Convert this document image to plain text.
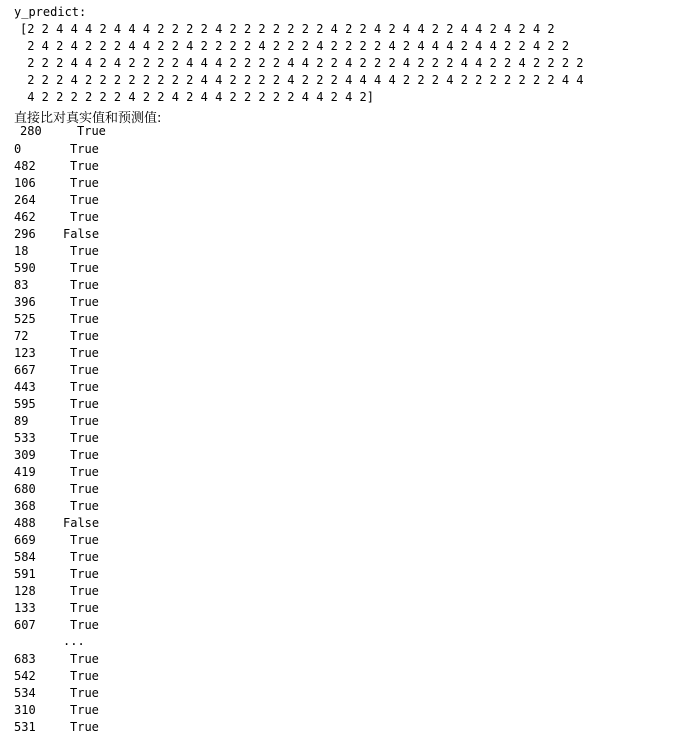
y_predict:
[2 2 4 4 4 2 4 4 4 2 2 2 2 4 2 2 2 2 2 2 2 4 2 2 4 2 4 4 2 2 4 4 2 4 2 4 2
2 4 2 4 2 2 2 4 4 2 2 4 2 2 2 2 4 2 2 2 4 2 2 2 2 4 2 4 4 4 2 4 4 2 2 4 2 2
2 2 2 4 4 2 4 2 2 2 2 4 4 4 2 2 2 2 4 4 2 2 4 2 2 2 4 2 2 2 4 4 2 2 4 2 2 2 2
2 2 2 4 2 2 2 2 2 2 2 2 4 4 2 2 2 2 4 2 2 2 4 4 4 4 2 2 2 4 2 2 2 2 2 2 2 4 4
4 2 2 2 2 2 2 4 2 2 4 2 4 4 2 2 2 2 2 4 4 2 4 2]
直接比对真实值和预测值:
280	True
0	True
482	True
106	True
264	True
462	True
296	False
18	True
590	True
83	True
396	True
525	True
72	True
123	True
667	True
443	True
595	True
89	True
533	True
309	True
419	True
680	True
368	True
488	False
669	True
584	True
591	True
128	True
133	True
607	True
...
683	True
542	True
534	True
310	True
531	True
